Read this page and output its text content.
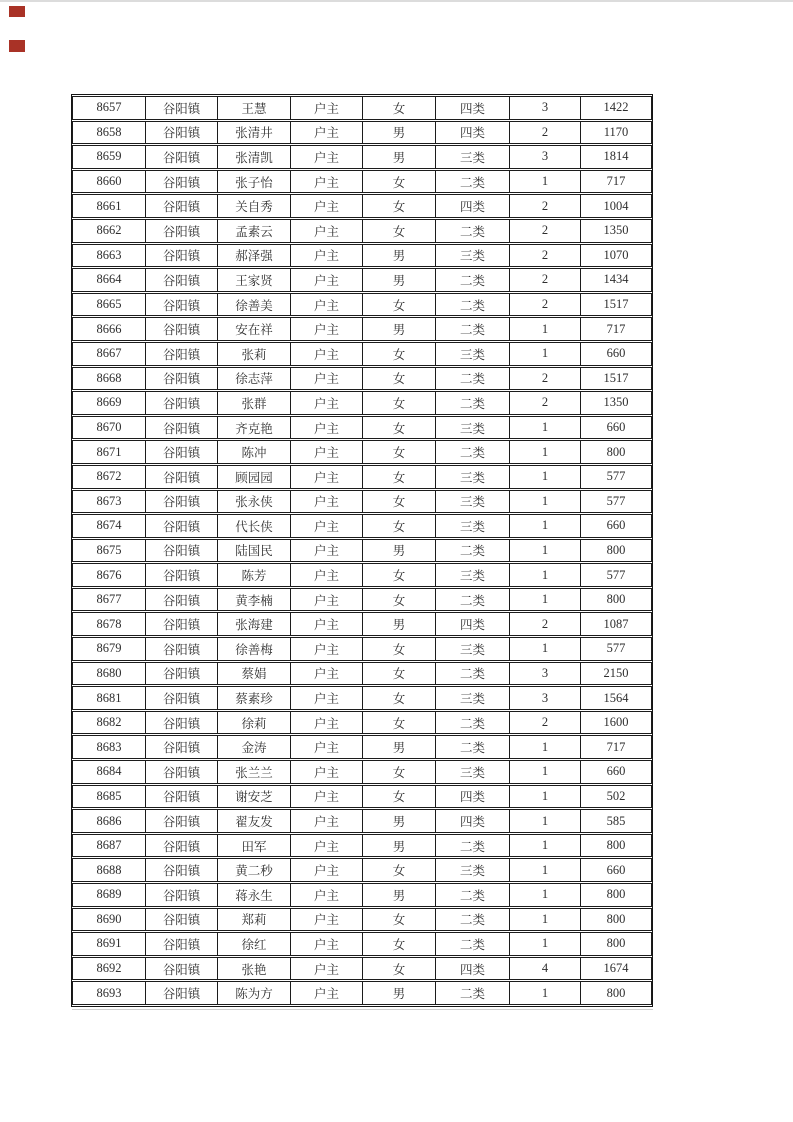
8657	谷阳镇	王慧	户主	女	四类	3	1422
8658	谷阳镇	张清井	户主	男	四类	2	1170
8659	谷阳镇	张清凯	户主	男	三类	3	1814
8660	谷阳镇	张子怡	户主	女	二类	1	717
8661	谷阳镇	关自秀	户主	女	四类	2	1004
8662	谷阳镇	孟素云	户主	女	二类	2	1350
8663	谷阳镇	郝泽强	户主	男	三类	2	1070
8664	谷阳镇	王家贤	户主	男	二类	2	1434
8665	谷阳镇	徐善美	户主	女	二类	2	1517
8666	谷阳镇	安在祥	户主	男	二类	1	717
8667	谷阳镇	张莉	户主	女	三类	1	660
8668	谷阳镇	徐志萍	户主	女	二类	2	1517
8669	谷阳镇	张群	户主	女	二类	2	1350
8670	谷阳镇	齐克艳	户主	女	三类	1	660
8671	谷阳镇	陈冲	户主	女	二类	1	800
8672	谷阳镇	顾园园	户主	女	三类	1	577
8673	谷阳镇	张永侠	户主	女	三类	1	577
8674	谷阳镇	代长侠	户主	女	三类	1	660
8675	谷阳镇	陆国民	户主	男	二类	1	800
8676	谷阳镇	陈芳	户主	女	三类	1	577
8677	谷阳镇	黄李楠	户主	女	二类	1	800
8678	谷阳镇	张海建	户主	男	四类	2	1087
8679	谷阳镇	徐善梅	户主	女	三类	1	577
8680	谷阳镇	蔡娟	户主	女	二类	3	2150
8681	谷阳镇	蔡素珍	户主	女	三类	3	1564
8682	谷阳镇	徐莉	户主	女	二类	2	1600
8683	谷阳镇	金涛	户主	男	二类	1	717
8684	谷阳镇	张兰兰	户主	女	三类	1	660
8685	谷阳镇	谢安芝	户主	女	四类	1	502
8686	谷阳镇	翟友发	户主	男	四类	1	585
8687	谷阳镇	田军	户主	男	二类	1	800
8688	谷阳镇	黄二秒	户主	女	三类	1	660
8689	谷阳镇	蒋永生	户主	男	二类	1	800
8690	谷阳镇	郑莉	户主	女	二类	1	800
8691	谷阳镇	徐红	户主	女	二类	1	800
8692	谷阳镇	张艳	户主	女	四类	4	1674
8693	谷阳镇	陈为方	户主	男	二类	1	800
